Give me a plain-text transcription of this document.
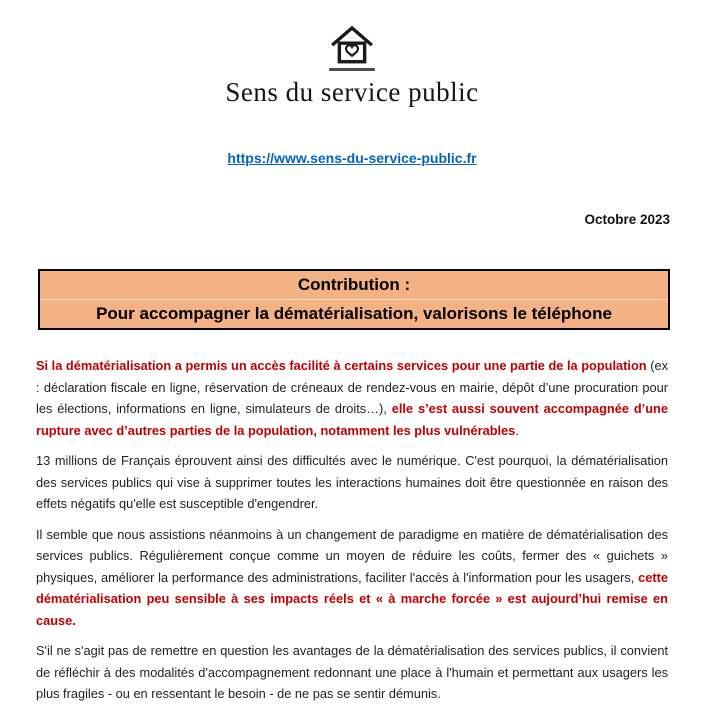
Sens du service public
https://www.sens-du-service-public.fr
Octobre 2023
Contribution :
Pour accompagner la dématérialisation, valorisons le téléphone

Si la dématérialisation a permis un accès facilité à certains services pour une partie de la population (ex : déclaration fiscale en ligne, réservation de créneaux de rendez-vous en mairie, dépôt d’une procuration pour les élections, informations en ligne, simulateurs de droits…), elle s’est aussi souvent accompagnée d’une rupture avec d’autres parties de la population, notamment les plus vulnérables.

13 millions de Français éprouvent ainsi des difficultés avec le numérique. C'est pourquoi, la dématérialisation des services publics qui vise à supprimer toutes les interactions humaines doit être questionnée en raison des effets négatifs qu'elle est susceptible d'engendrer.

Il semble que nous assistions néanmoins à un changement de paradigme en matière de dématérialisation des services publics. Régulièrement conçue comme un moyen de réduire les coûts, fermer des « guichets » physiques, améliorer la performance des administrations, faciliter l'accès à l'information pour les usagers, cette dématérialisation peu sensible à ses impacts réels et « à marche forcée » est aujourd’hui remise en cause.

S'il ne s'agit pas de remettre en question les avantages de la dématérialisation des services publics, il convient de réfléchir à des modalités d'accompagnement redonnant une place à l'humain et permettant aux usagers les plus fragiles - ou en ressentant le besoin - de ne pas se sentir démunis.
